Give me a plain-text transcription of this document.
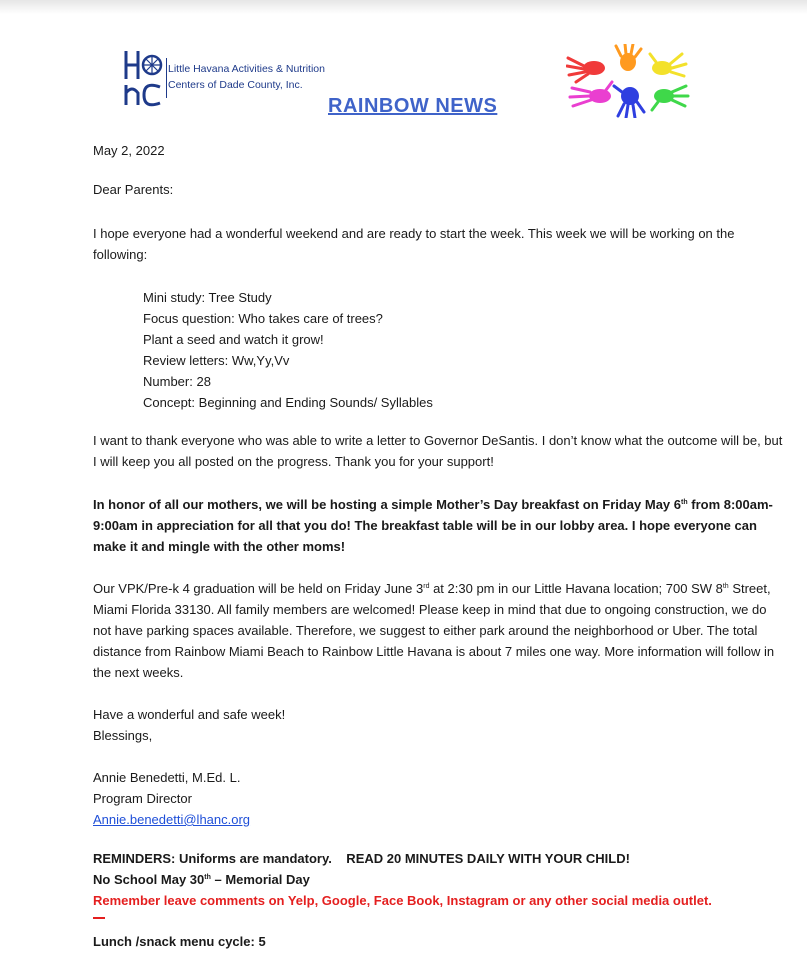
Little Havana Activities & Nutrition
Centers of Dade County, Inc.
RAINBOW NEWS
May 2, 2022
Dear Parents:
I hope everyone had a wonderful weekend and are ready to start the week. This week we will be working on the following:
Mini study: Tree Study
Focus question: Who takes care of trees?
Plant a seed and watch it grow!
Review letters: Ww,Yy,Vv
Number: 28
Concept: Beginning and Ending Sounds/ Syllables
I want to thank everyone who was able to write a letter to Governor DeSantis. I don’t know what the outcome will be, but I will keep you all posted on the progress. Thank you for your support!
In honor of all our mothers, we will be hosting a simple Mother’s Day breakfast on Friday May 6th from 8:00am-9:00am in appreciation for all that you do! The breakfast table will be in our lobby area. I hope everyone can make it and mingle with the other moms!
Our VPK/Pre-k 4 graduation will be held on Friday June 3rd at 2:30 pm in our Little Havana location; 700 SW 8th Street, Miami Florida 33130. All family members are welcomed! Please keep in mind that due to ongoing construction, we do not have parking spaces available. Therefore, we suggest to either park around the neighborhood or Uber. The total distance from Rainbow Miami Beach to Rainbow Little Havana is about 7 miles one way. More information will follow in the next weeks.
Have a wonderful and safe week!
Blessings,
Annie Benedetti, M.Ed. L.
Program Director
Annie.benedetti@lhanc.org
REMINDERS: Uniforms are mandatory.    READ 20 MINUTES DAILY WITH YOUR CHILD!
No School May 30th – Memorial Day
Remember leave comments on Yelp, Google, Face Book, Instagram or any other social media outlet.
Lunch /snack menu cycle: 5
